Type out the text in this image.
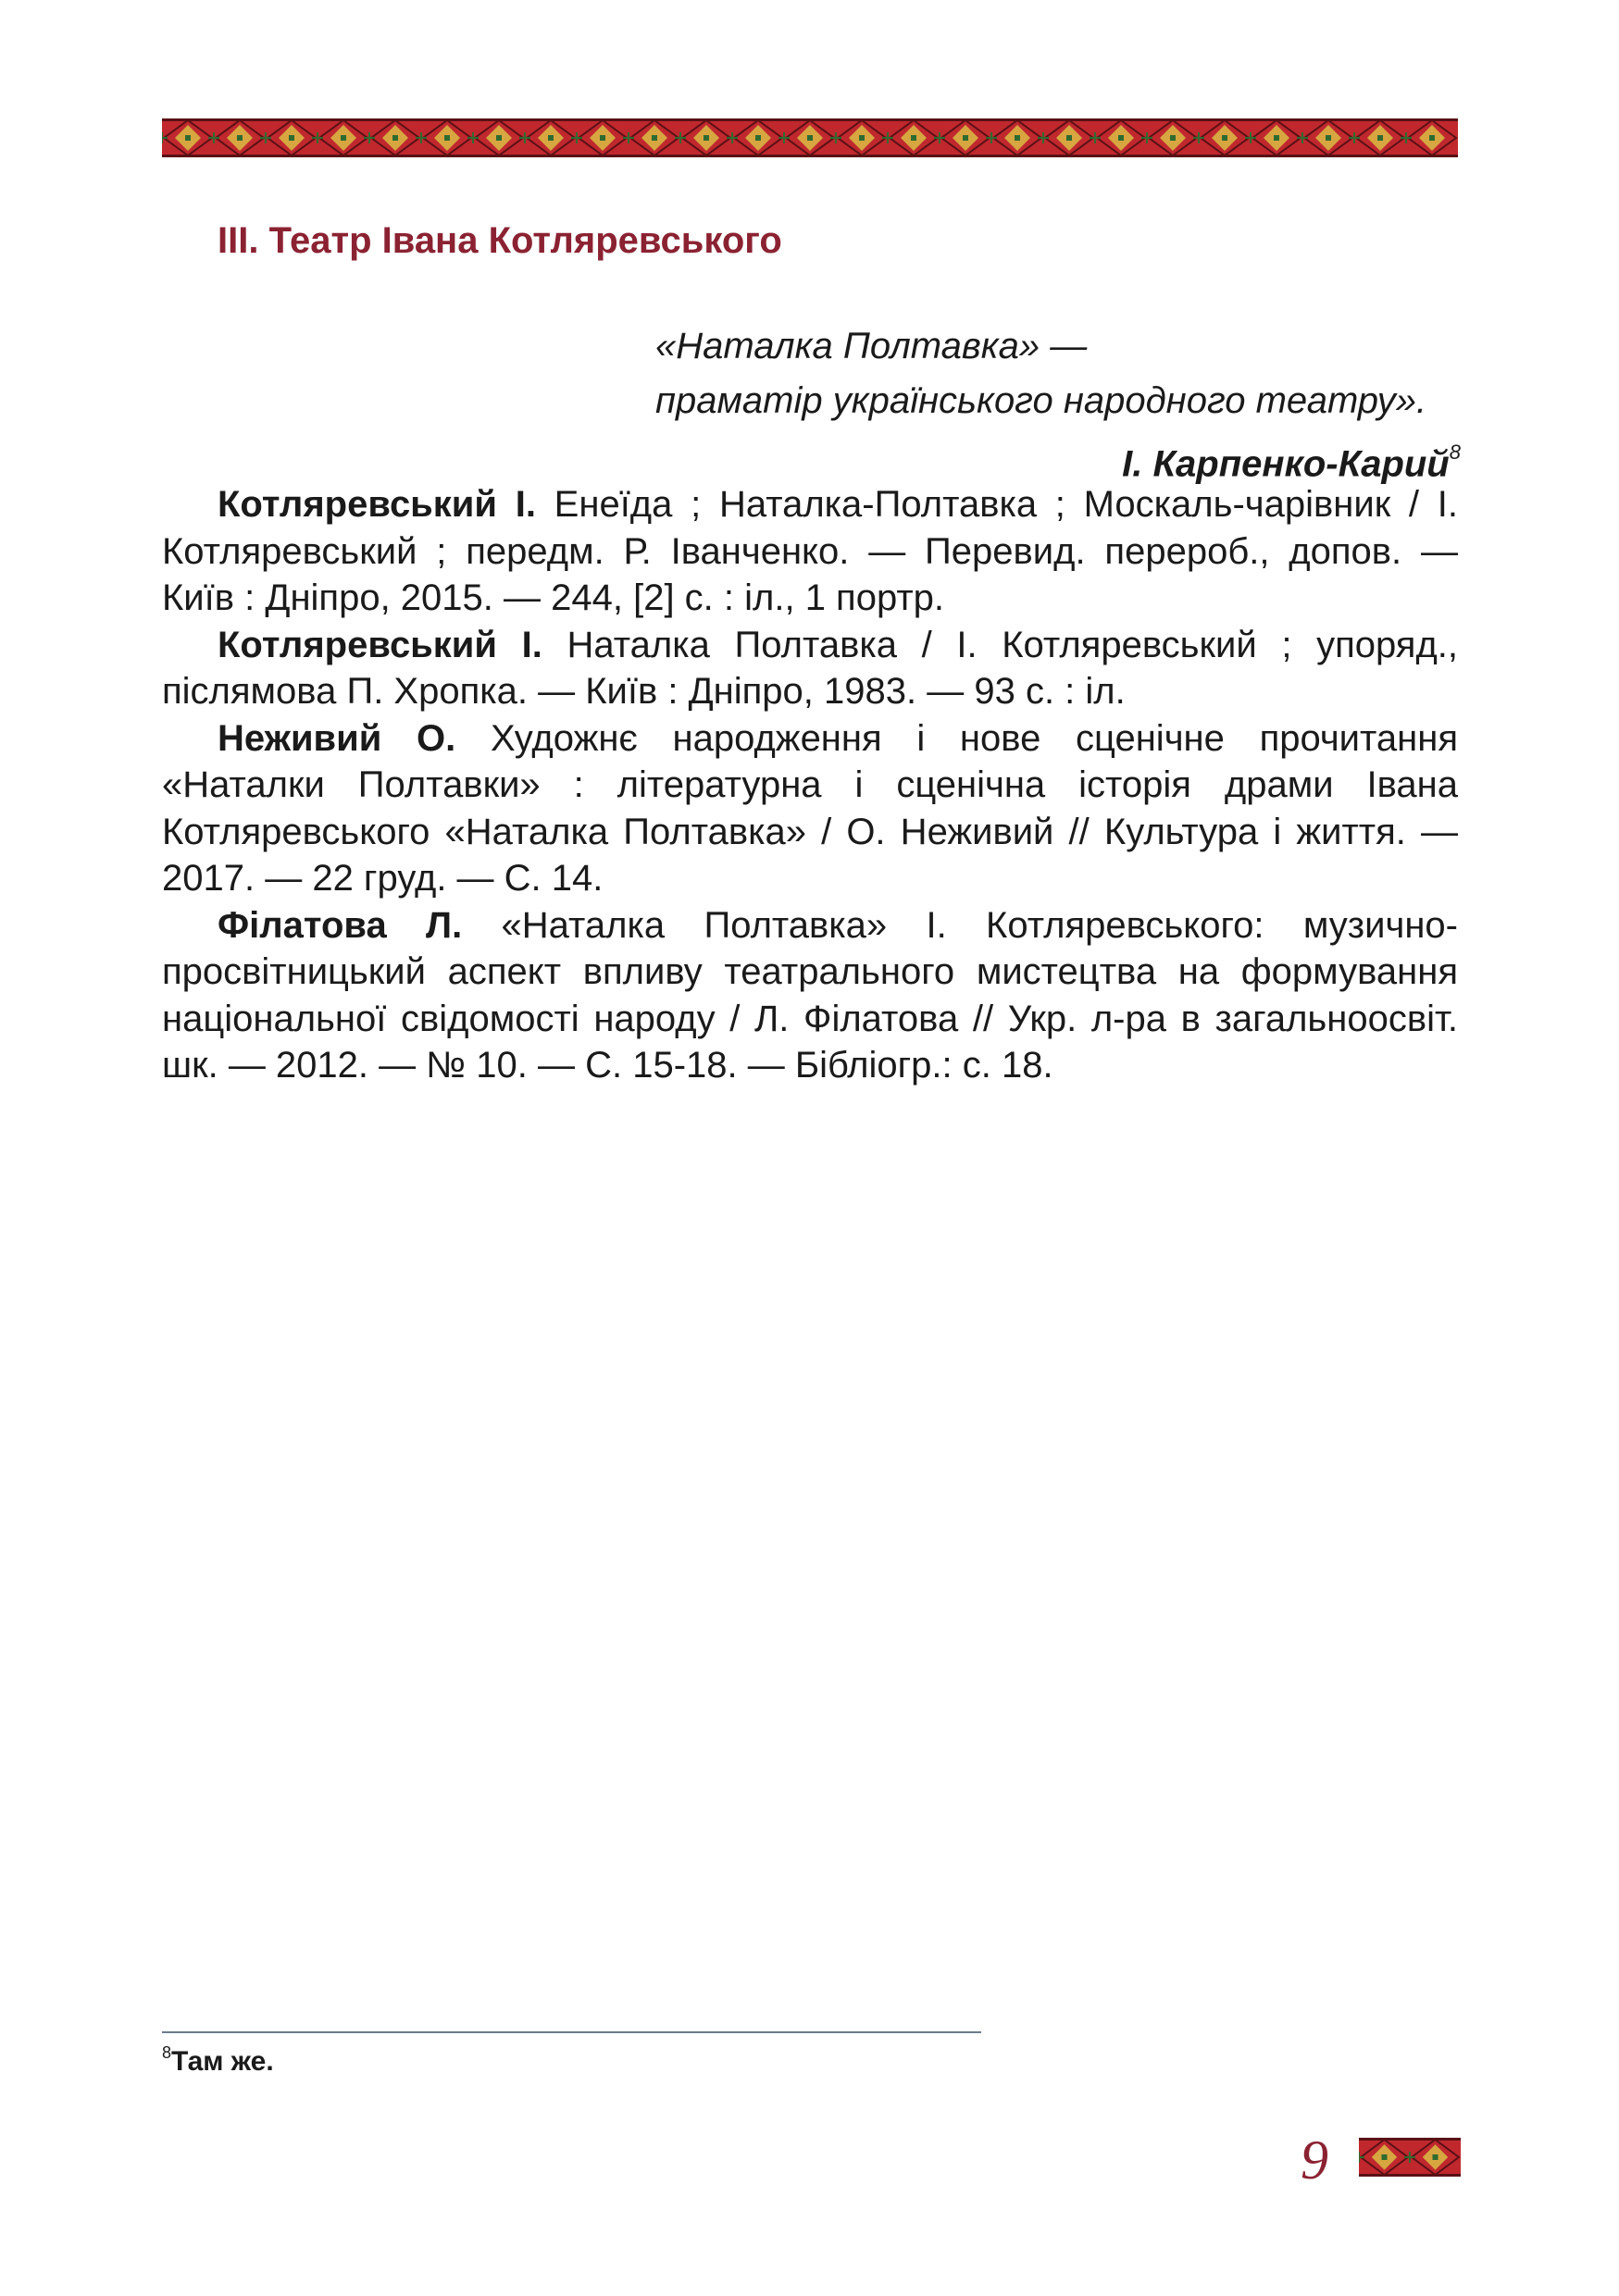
III. Театр Івана Котляревського
«Наталка Полтавка» —
праматір українського народного театру».
І. Карпенко-Карий$^8$

Котляревський І. Енеїда ; Наталка-Полтавка ; Москаль-чарівник / І. Котляревський ; передм. Р. Іванченко. — Перевид. перероб., допов. — Київ : Дніпро, 2015. — 244, [2] с. : іл., 1 портр.

Котляревський І. Наталка Полтавка / І. Котляревський ; упоряд., післямова П. Хропка. — Київ : Дніпро, 1983. — 93 с. : іл.

Неживий О. Художнє народження і нове сценічне прочитання «Наталки Полтавки» : літературна і сценічна історія драми Івана Котляревського «Наталка Полтавка» / О. Неживий // Культура і життя. — 2017. — 22 груд. — С. 14.

Філатова Л. «Наталка Полтавка» І. Котляревського: музично-просвітницький аспект впливу театрального мистецтва на формування національної свідомості народу / Л. Філатова // Укр. л-ра в загальноосвіт. шк. — 2012. — № 10. — С. 15-18. — Бібліогр.: с. 18.

$^8$Там же.
9
